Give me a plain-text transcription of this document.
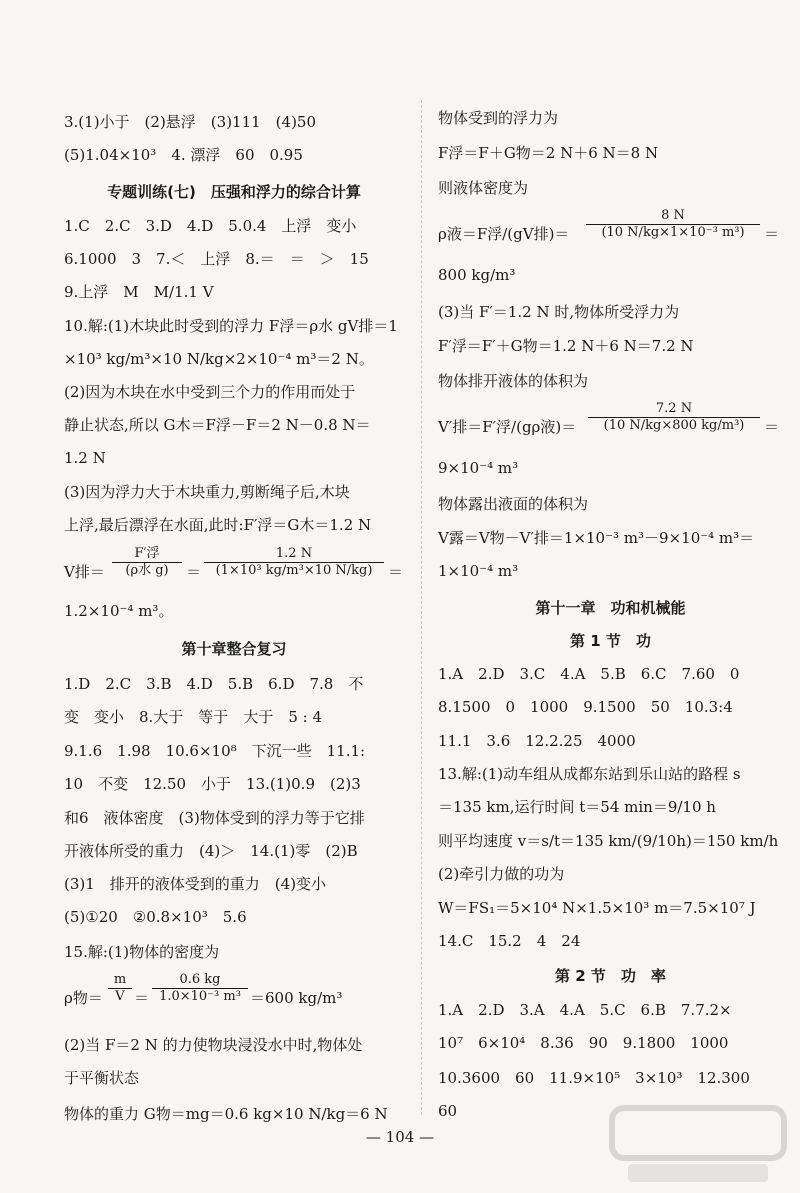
3.(1)小于　(2)悬浮　(3)111　(4)50
(5)1.04×10³　4. 漂浮　60　0.95
专题训练(七)　压强和浮力的综合计算
1.C　2.C　3.D　4.D　5.0.4　上浮　变小
6.1000　3　7.＜　上浮　8.＝　＝　＞　15
9.上浮　M　M/1.1 V
10.解:(1)木块此时受到的浮力 F浮＝ρ水 gV排＝1
×10³ kg/m³×10 N/kg×2×10⁻⁴ m³＝2 N。
(2)因为木块在水中受到三个力的作用而处于
静止状态,所以 G木＝F浮－F＝2 N－0.8 N＝
1.2 N
(3)因为浮力大于木块重力,剪断绳子后,木块
上浮,最后漂浮在水面,此时:F′浮＝G木＝1.2 N
V排＝
F′浮
(ρ水 g)	＝ $\frac{1.2 N}{\text{(1×10³ kg/m³×10 N/kg)}}$ ＝
1.2×10⁻⁴ m³。
第十章整合复习
1.D　2.C　3.B　4.D　5.B　6.D　7.8　不
变　变小　8.大于　等于　大于　5 : 4
9.1.6　1.98　10.6×10⁸　下沉一些　11.1:
10　不变　12.50　小于　13.(1)0.9　(2)3
和6　液体密度　(3)物体受到的浮力等于它排
开液体所受的重力　(4)＞　14.(1)零　(2)B
(3)1　排开的液体受到的重力　(4)变小
(5)①20　②0.8×10³　5.6
15.解:(1)物体的密度为
ρ物＝ $\frac{m}{V} = \frac{0.6 kg}{\text{1.0×10⁻³ m³}} =600$ kg/m³
(2)当 F＝2 N 的力使物块浸没水中时,物体处
于平衡状态
物体的重力 G物＝mg＝0.6 kg×10 N/kg＝6 N
物体受到的浮力为
F浮＝F＋G物＝2 N＋6 N＝8 N
则液体密度为
ρ液＝F浮/(gV排)＝ $\frac{8 N}{\text{(10 N/kg×1×10⁻³ m³)}}$ ＝
800 kg/m³
(3)当 F′＝1.2 N 时,物体所受浮力为
F′浮＝F′＋G物＝1.2 N＋6 N＝7.2 N
物体排开液体的体积为
V′排＝F′浮/(gρ液)＝ $\frac{7.2 N}{\text{(10 N/kg×800 kg/m³)}}$ ＝
9×10⁻⁴ m³
物体露出液面的体积为
V露＝V物－V′排＝1×10⁻³ m³－9×10⁻⁴ m³＝
1×10⁻⁴ m³
第十一章　功和机械能
第 1 节　功
1.A　2.D　3.C　4.A　5.B　6.C　7.60　0
8.1500　0　1000　9.1500　50　10.3:4
11.1　3.6　12.2.25　4000
13.解:(1)动车组从成都东站到乐山站的路程 s
＝135 km,运行时间 t＝54 min＝9/10 h
则平均速度 v＝s/t＝135 km/(9/10h)＝150 km/h
(2)牵引力做的功为
W＝FS₁＝5×10⁴ N×1.5×10³ m＝7.5×10⁷ J
14.C　15.2　4　24
第 2 节　功　率
1.A　2.D　3.A　4.A　5.C　6.B　7.7.2×
10⁷　6×10⁴　8.36　90　9.1800　1000
10.3600　60　11.9×10⁵　3×10³　12.300
60
— 104 —
